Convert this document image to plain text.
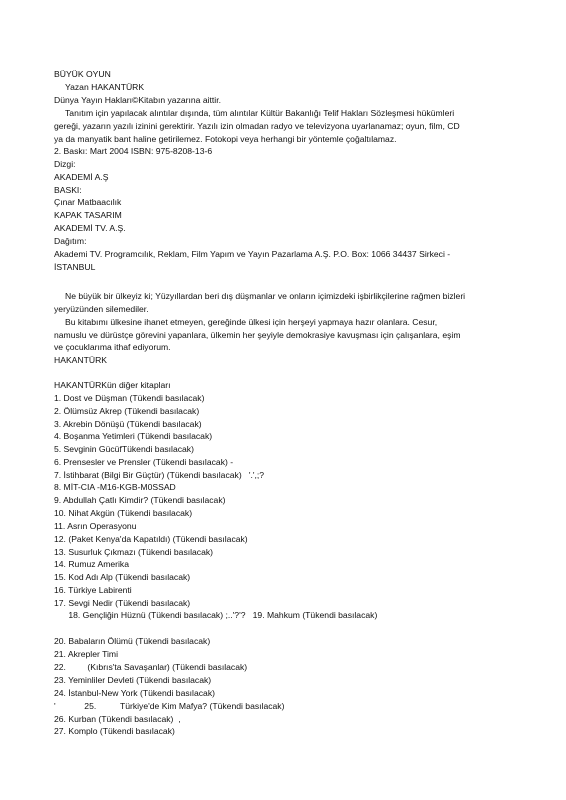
BÜYÜK OYUN
Yazan HAKANTÜRK
Dünya Yayın Hakları©Kitabın yazarına aittir.
Tanıtım için yapılacak alıntılar dışında, tüm alıntılar Kültür Bakanlığı Telif Hakları Sözleşmesi hükümleri
gereği, yazarın yazılı izinini gerektirir. Yazılı izin olmadan radyo ve televizyona uyarlanamaz; oyun, film, CD
ya da manyatik bant haline getirilemez. Fotokopi veya herhangi bir yöntemle çoğaltılamaz.
2. Baskı: Mart 2004 ISBN: 975-8208-13-6
Dizgi:
AKADEMİ A.Ş
BASKI:
Çınar Matbaacılık
KAPAK TASARIM
AKADEMİ TV. A.Ş.
Dağıtım:
Akademi TV. Programcılık, Reklam, Film Yapım ve Yayın Pazarlama A.Ş. P.O. Box: 1066 34437 Sirkeci -
İSTANBUL
Ne büyük bir ülkeyiz ki; Yüzyıllardan beri dış düşmanlar ve onların içimizdeki işbirlikçilerine rağmen bizleri
yeryüzünden silemediler.
Bu kitabımı ülkesine ihanet etmeyen, gereğinde ülkesi için herşeyi yapmaya hazır olanlara. Cesur,
namuslu ve dürüstçe görevini yapanlara, ülkemin her şeyiyle demokrasiye kavuşması için çalışanlara, eşim
ve çocuklarıma ithaf ediyorum.
HAKANTÜRK
HAKANTÜRKün diğer kitapları
1. Dost ve Düşman (Tükendi basılacak)
2. Ölümsüz Akrep (Tükendi basılacak)
3. Akrebin Dönüşü (Tükendi basılacak)
4. Boşanma Yetimleri (Tükendi basılacak)
5. Sevginin GücüfTükendi basılacak)
6. Prensesler ve Prensler (Tükendi basılacak) -
7. İstihbarat (Bilgi Bir Güçtür) (Tükendi basılacak)   '.',;?
8. MİT-CIA -M16-KGB-M0SSAD
9. Abdullah Çatlı Kimdir? (Tükendi basılacak)
10. Nihat Akgün (Tükendi basılacak)
11. Asrın Operasyonu
12. (Paket Kenya'da Kapatıldı) (Tükendi basılacak)
13. Susurluk Çıkmazı (Tükendi basılacak)
14. Rumuz Amerika
15. Kod Adı Alp (Tükendi basılacak)
16. Türkiye Labirenti
17. Sevgi Nedir (Tükendi basılacak)
18. Gençliğin Hüznü (Tükendi basılacak) ;..'?'?   19. Mahkum (Tükendi basılacak)
20. Babaların Ölümü (Tükendi basılacak)
21. Akrepler Timi
22.         (Kıbrıs'ta Savaşanlar) (Tükendi basılacak)
23. Yeminliler Devleti (Tükendi basılacak)
24. İstanbul-New York (Tükendi basılacak)
'            25.          Türkiye'de Kim Mafya? (Tükendi basılacak)
26. Kurban (Tükendi basılacak)  ,
27. Komplo (Tükendi basılacak)
